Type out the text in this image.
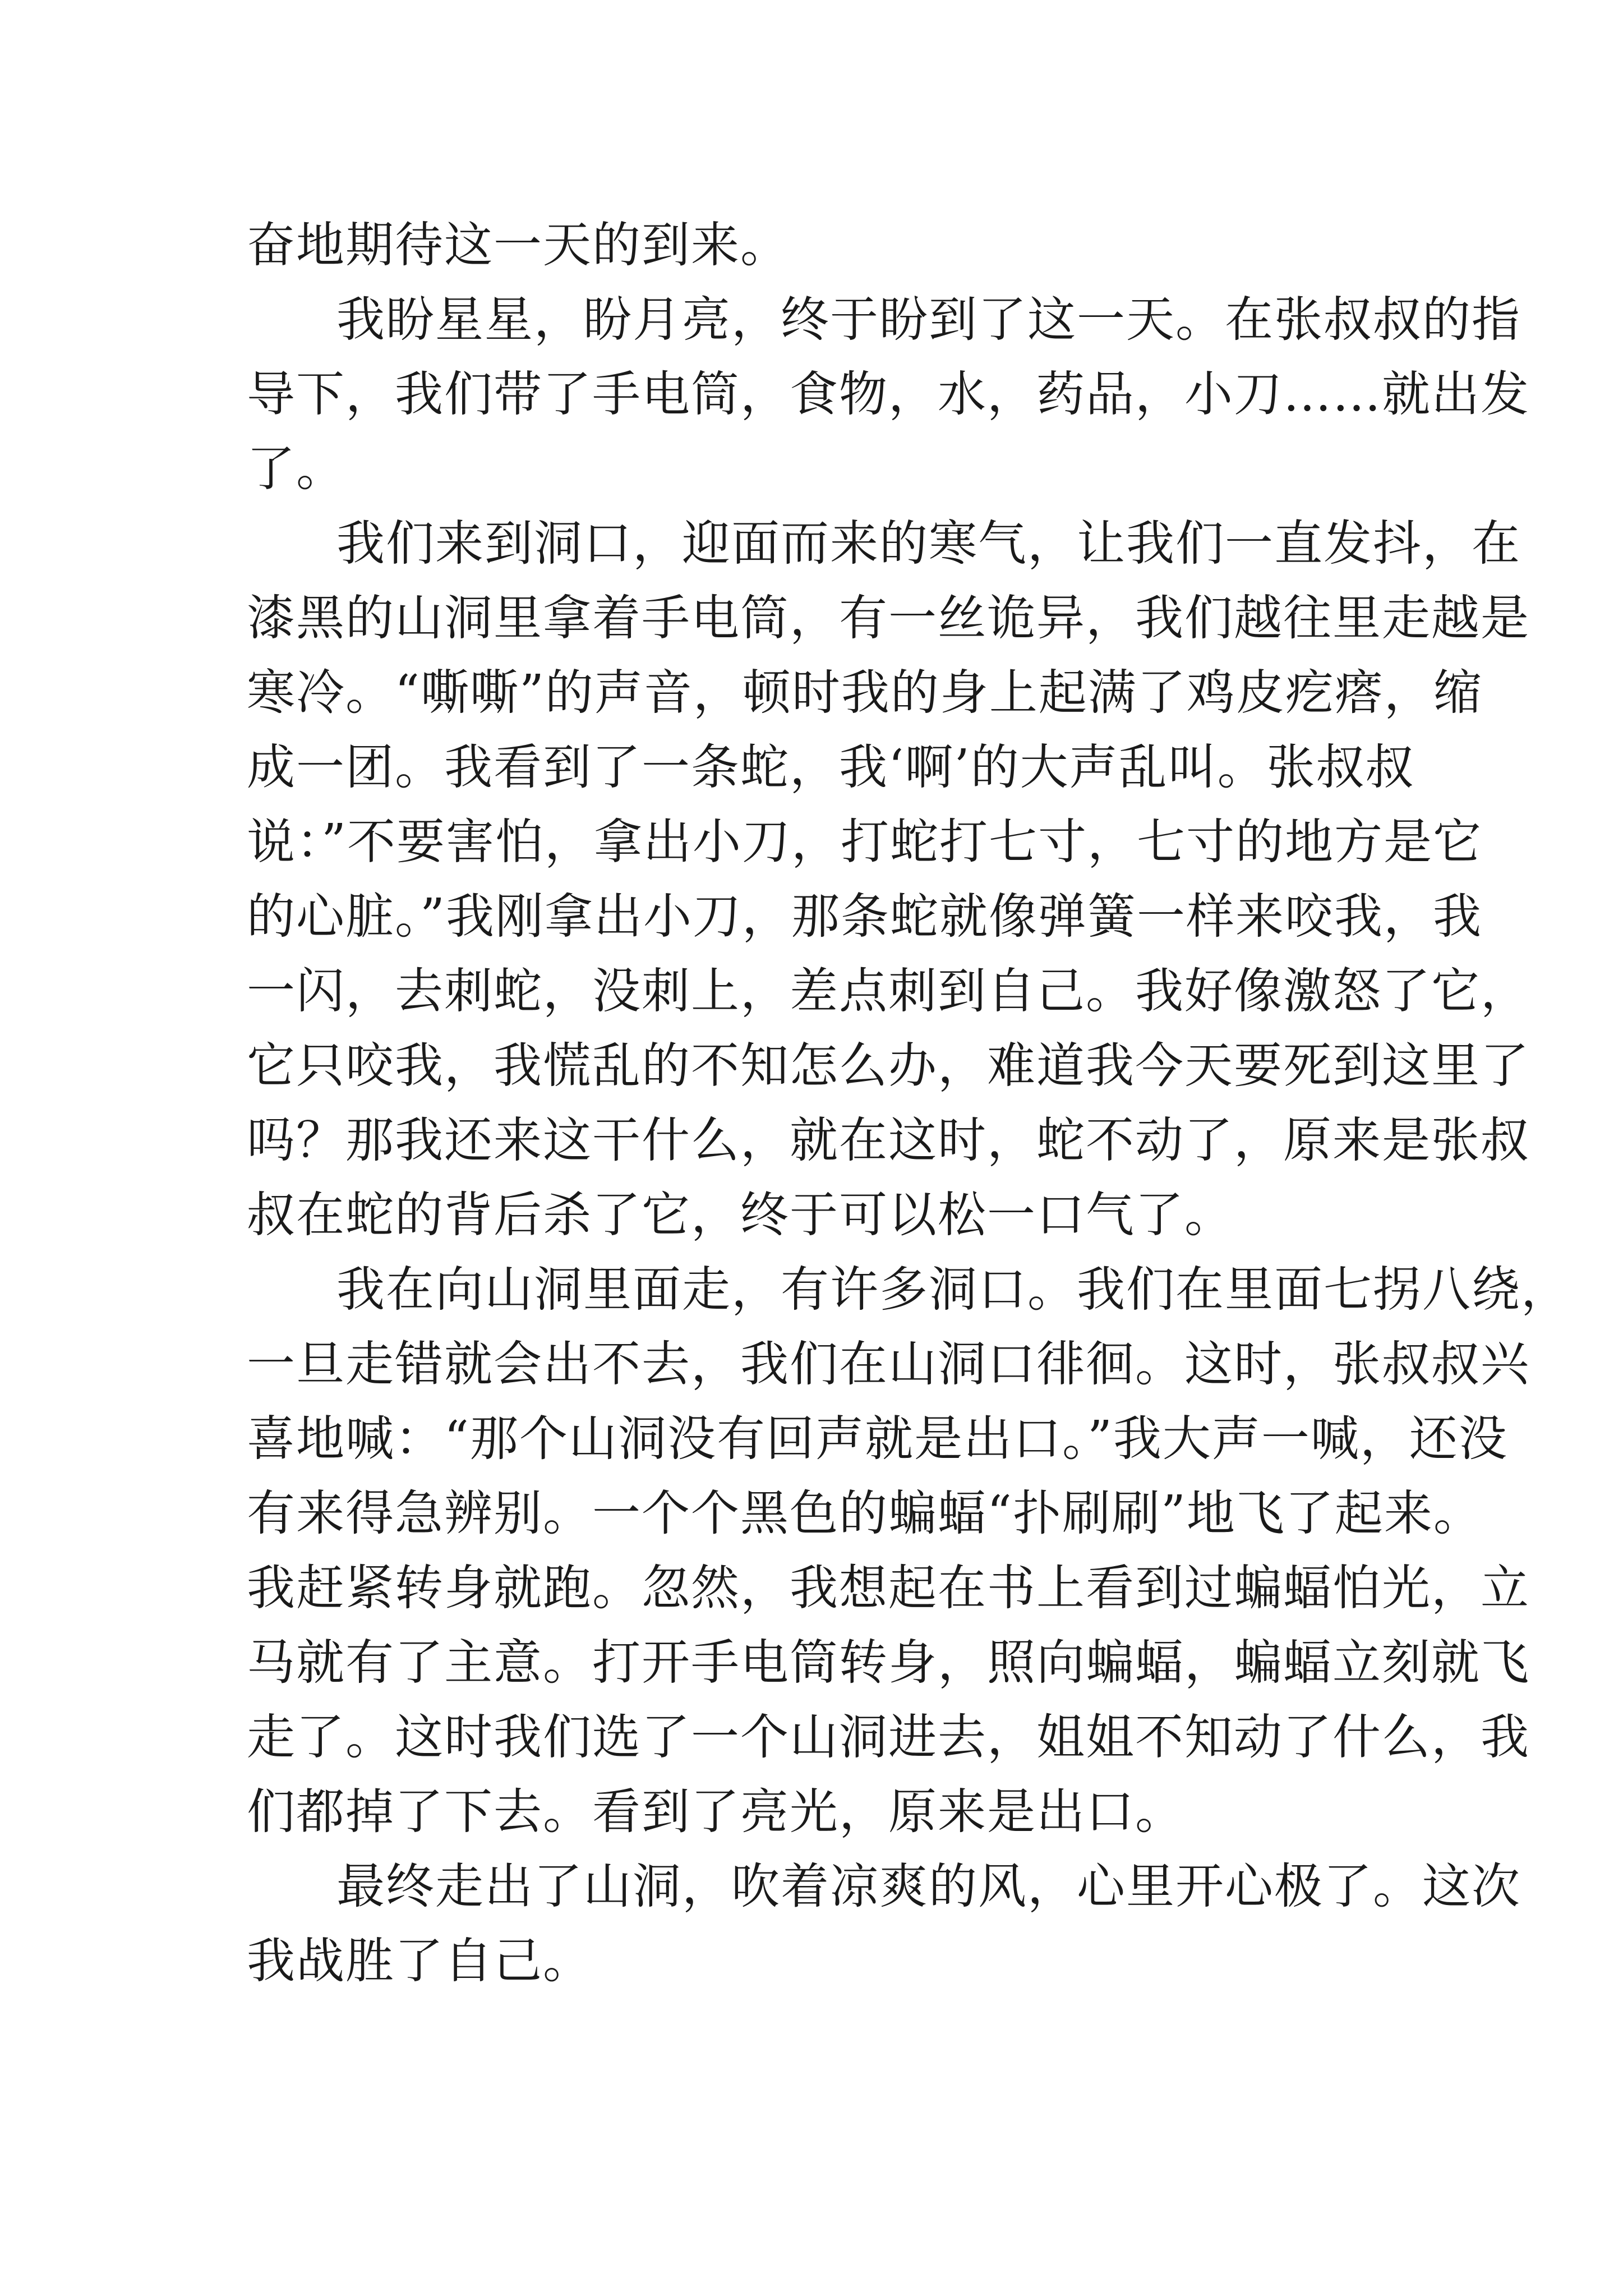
奋地期待这一天的到来。
我盼星星，盼月亮，终于盼到了这一天。在张叔叔的指
导下，我们带了手电筒，食物，水，药品，小刀……就出发
了。
我们来到洞口，迎面而来的寒气，让我们一直发抖，在
漆黑的山洞里拿着手电筒，有一丝诡异，我们越往里走越是
寒冷。“嘶嘶”的声音，顿时我的身上起满了鸡皮疙瘩，缩
成一团。我看到了一条蛇，我‘啊’的大声乱叫。张叔叔
说：”不要害怕，拿出小刀，打蛇打七寸，七寸的地方是它
的心脏。”我刚拿出小刀，那条蛇就像弹簧一样来咬我，我
一闪，去刺蛇，没刺上，差点刺到自己。我好像激怒了它，
它只咬我，我慌乱的不知怎么办，难道我今天要死到这里了
吗？那我还来这干什么，就在这时，蛇不动了，原来是张叔
叔在蛇的背后杀了它，终于可以松一口气了。
我在向山洞里面走，有许多洞口。我们在里面七拐八绕，
一旦走错就会出不去，我们在山洞口徘徊。这时，张叔叔兴
喜地喊：“那个山洞没有回声就是出口。”我大声一喊，还没
有来得急辨别。一个个黑色的蝙蝠“扑刷刷”地飞了起来。
我赶紧转身就跑。忽然，我想起在书上看到过蝙蝠怕光，立
马就有了主意。打开手电筒转身，照向蝙蝠，蝙蝠立刻就飞
走了。这时我们选了一个山洞进去，姐姐不知动了什么，我
们都掉了下去。看到了亮光，原来是出口。
最终走出了山洞，吹着凉爽的风，心里开心极了。这次
我战胜了自己。
